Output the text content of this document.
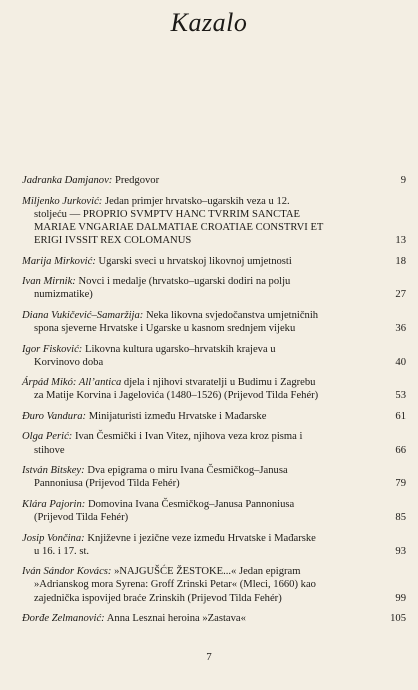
Kazalo
Jadranka Damjanov: Predgovor	9
Miljenko Jurković: Jedan primjer hrvatsko–ugarskih veza u 12.
stoljeću — PROPRIO SVMPTV HANC TVRRIM SANCTAE
MARIAE VNGARIAE DALMATIAE CROATIAE CONSTRVI ET
ERIGI IVSSIT REX COLOMANUS	13
Marija Mirković: Ugarski sveci u hrvatskoj likovnoj umjetnosti	18
Ivan Mirnik: Novci i medalje (hrvatsko–ugarski dodiri na polju
numizmatike)	27
Diana Vukičević–Samaržija: Neka likovna svjedočanstva umjetničnih
spona sjeverne Hrvatske i Ugarske u kasnom srednjem vijeku	36
Igor Fisković: Likovna kultura ugarsko–hrvatskih krajeva u
Korvinovo doba	40
Árpád Mikó: All’antica djela i njihovi stvaratelji u Budimu i Zagrebu
za Matije Korvina i Jagelovića (1480–1526) (Prijevod Tilda Fehér)	53
Đuro Vandura: Minijaturisti između Hrvatske i Mađarske	61
Olga Perić: Ivan Česmički i Ivan Vitez, njihova veza kroz pisma i
stihove	66
István Bitskey: Dva epigrama o miru Ivana Česmičkog–Janusa
Pannoniusa (Prijevod Tilda Fehér)	79
Klára Pajorin: Domovina Ivana Česmičkog–Janusa Pannoniusa
(Prijevod Tilda Fehér)	85
Josip Vončina: Književne i jezične veze između Hrvatske i Mađarske
u 16. i 17. st.	93
Iván Sándor Kovács: »NAJGUŠĆE ŽESTOKE...« Jedan epigram
»Adrianskog mora Syrena: Groff Zrinski Petar« (Mleci, 1660) kao
zajednička ispovijed braće Zrinskih (Prijevod Tilda Fehér)	99
Đorđe Zelmanović: Anna Lesznai heroina »Zastava«	105
7
